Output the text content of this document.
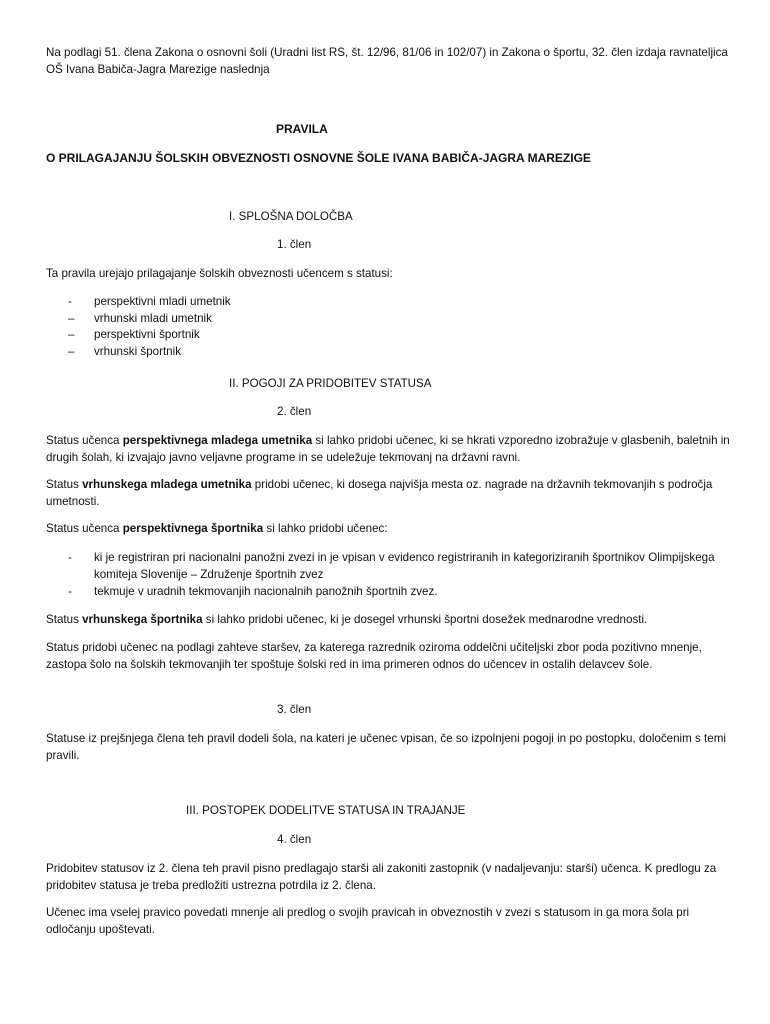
Na podlagi 51. člena Zakona o osnovni šoli (Uradni list RS, št. 12/96, 81/06 in 102/07) in Zakona o športu, 32. člen izdaja ravnateljica OŠ Ivana Babiča-Jagra Marezige naslednja

PRAVILA

O PRILAGAJANJU ŠOLSKIH OBVEZNOSTI OSNOVNE ŠOLE IVANA BABIČA-JAGRA MAREZIGE

I. SPLOŠNA DOLOČBA

1. člen

Ta pravila urejajo prilagajanje šolskih obveznosti učencem s statusi:

- perspektivni mladi umetnik
– vrhunski mladi umetnik
– perspektivni športnik
– vrhunski športnik

II. POGOJI ZA PRIDOBITEV STATUSA

2. člen

Status učenca perspektivnega mladega umetnika si lahko pridobi učenec, ki se hkrati vzporedno izobražuje v glasbenih, baletnih in drugih šolah, ki izvajajo javno veljavne programe in se udeležuje tekmovanj na državni ravni.

Status vrhunskega mladega umetnika pridobi učenec, ki dosega najvišja mesta oz. nagrade na državnih tekmovanjih s področja umetnosti.

Status učenca perspektivnega športnika si lahko pridobi učenec:

- ki je registriran pri nacionalni panožni zvezi in je vpisan v evidenco registriranih in kategoriziranih športnikov Olimpijskega komiteja Slovenije – Združenje športnih zvez
- tekmuje v uradnih tekmovanjih nacionalnih panožnih športnih zvez.

Status vrhunskega športnika si lahko pridobi učenec, ki je dosegel vrhunski športni dosežek mednarodne vrednosti.

Status pridobi učenec na podlagi zahteve staršev, za katerega razrednik oziroma oddelčni učiteljski zbor poda pozitivno mnenje, zastopa šolo na šolskih tekmovanjih ter spoštuje šolski red in ima primeren odnos do učencev in ostalih delavcev šole.

3. člen

Statuse iz prejšnjega člena teh pravil dodeli šola, na kateri je učenec vpisan, če so izpolnjeni pogoji in po postopku, določenim s temi pravili.

III. POSTOPEK DODELITVE STATUSA IN TRAJANJE

4. člen

Pridobitev statusov iz 2. člena teh pravil pisno predlagajo starši ali zakoniti zastopnik (v nadaljevanju: starši) učenca. K predlogu za pridobitev statusa je treba predložiti ustrezna potrdila iz 2. člena.

Učenec ima vselej pravico povedati mnenje ali predlog o svojih pravicah in obveznostih v zvezi s statusom in ga mora šola pri odločanju upoštevati.
